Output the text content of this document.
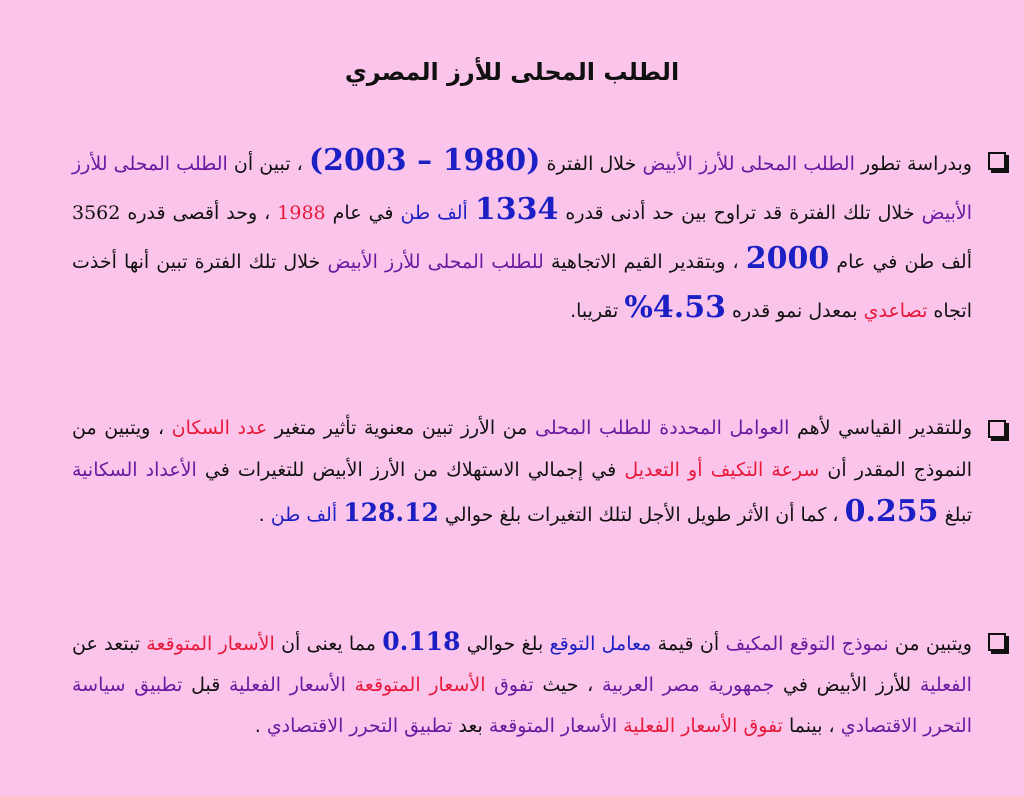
الطلب المحلى للأرز المصري
وبدراسة تطور الطلب المحلى للأرز الأبيض خلال الفترة (1980 – 2003) ، تبين أن الطلب المحلى للأرز الأبيض خلال تلك الفترة قد تراوح بين حد أدنى قدره 1334 ألف طن في عام 1988 ، وحد أقصى قدره 3562 ألف طن في عام 2000 ، وبتقدير القيم الاتجاهية للطلب المحلى للأرز الأبيض خلال تلك الفترة تبين أنها أخذت اتجاه تصاعدي بمعدل نمو قدره 4.53% تقريبا.
وللتقدير القياسي لأهم العوامل المحددة للطلب المحلى من الأرز تبين معنوية تأثير متغير عدد السكان ، ويتبين من النموذج المقدر أن سرعة التكيف أو التعديل في إجمالي الاستهلاك من الأرز الأبيض للتغيرات في الأعداد السكانية تبلغ 0.255 ، كما أن الأثر طويل الأجل لتلك التغيرات بلغ حوالي 128.12 ألف طن .
ويتبين من نموذج التوقع المكيف أن قيمة معامل التوقع بلغ حوالي 0.118 مما يعنى أن الأسعار المتوقعة تبتعد عن الفعلية للأرز الأبيض في جمهورية مصر العربية ، حيث تفوق الأسعار المتوقعة الأسعار الفعلية قبل تطبيق سياسة التحرر الاقتصادي ، بينما تفوق الأسعار الفعلية الأسعار المتوقعة بعد تطبيق التحرر الاقتصادي .
